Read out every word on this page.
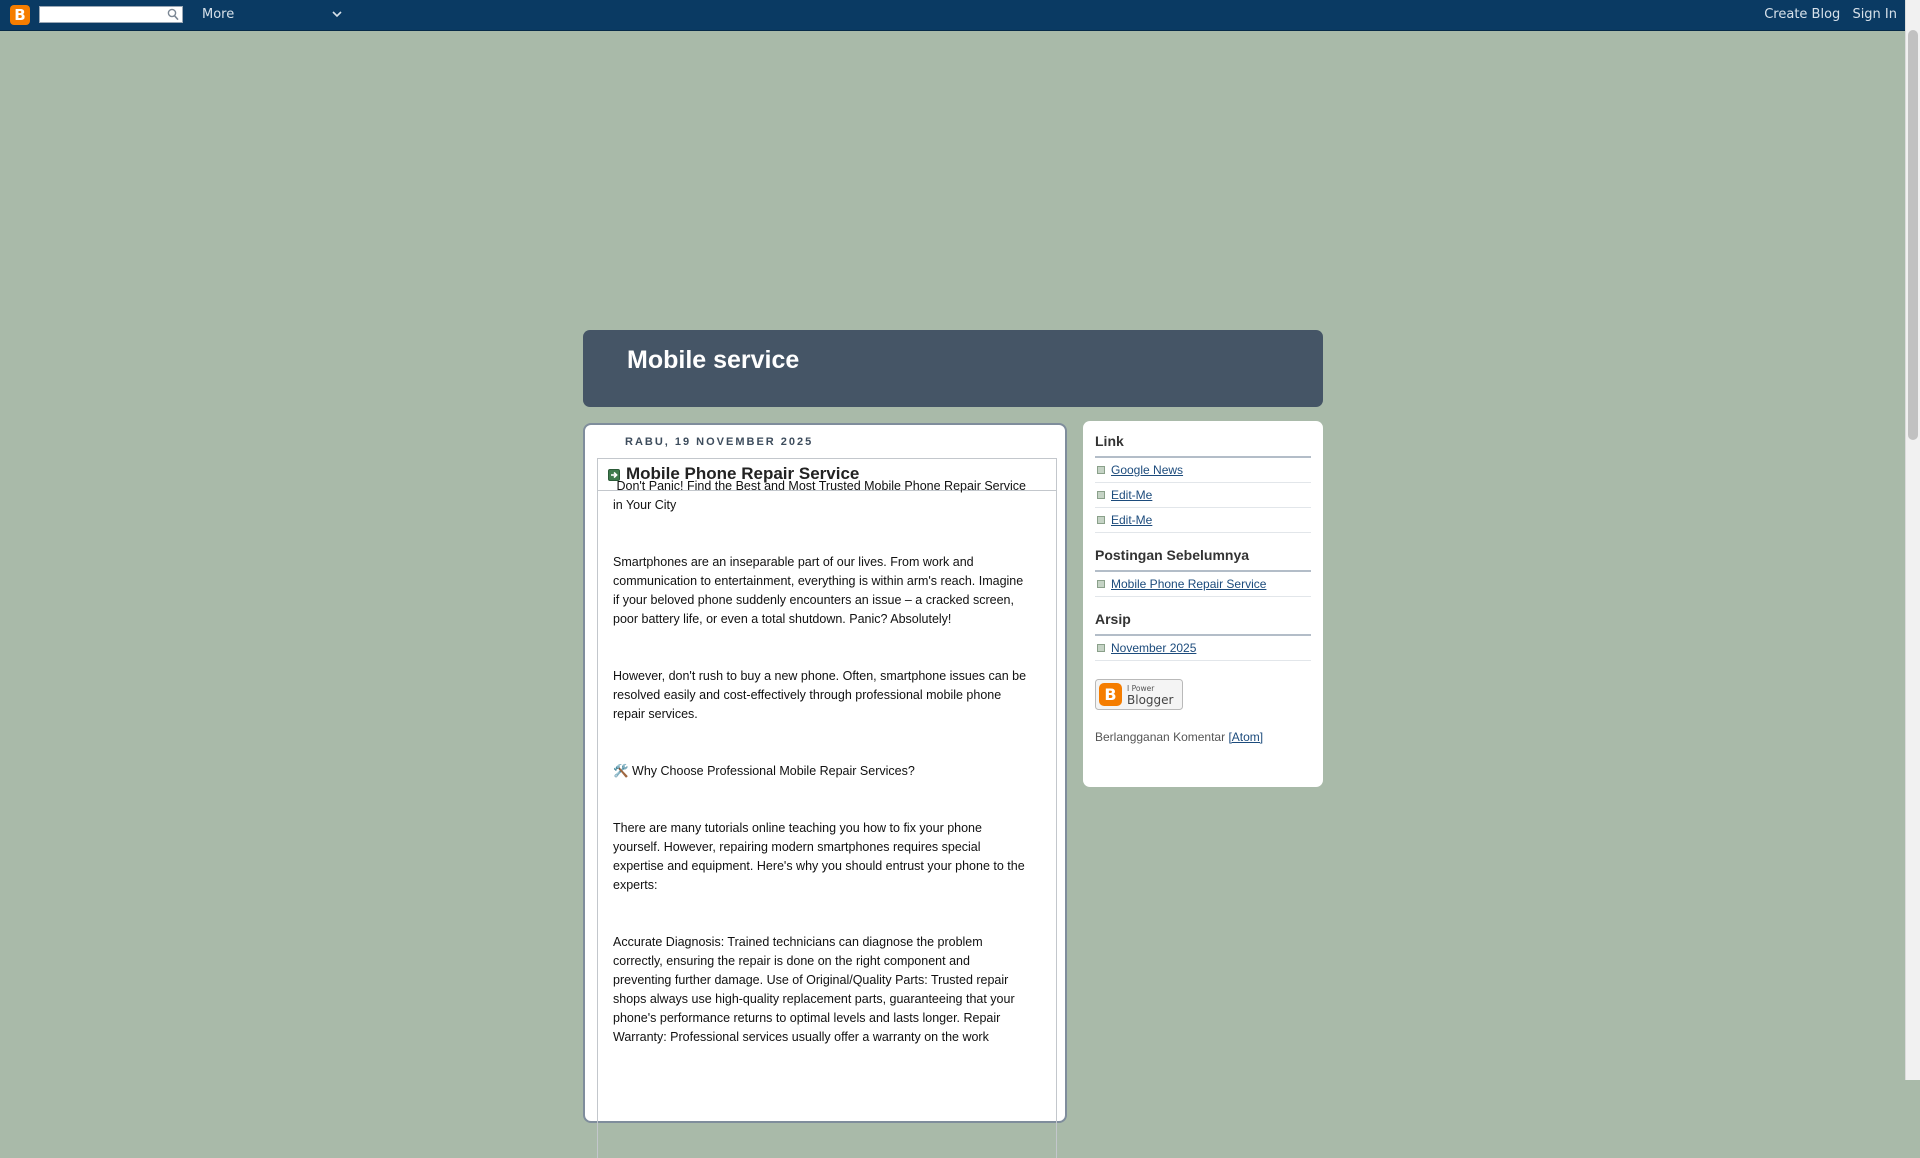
B	More	Create Blog Sign In
Mobile service
RABU, 19 NOVEMBER 2025
Mobile Phone Repair Service

Don't Panic! Find the Best and Most Trusted Mobile Phone Repair Service in Your City

Smartphones are an inseparable part of our lives. From work and communication to entertainment, everything is within arm's reach. Imagine if your beloved phone suddenly encounters an issue – a cracked screen, poor battery life, or even a total shutdown. Panic? Absolutely!

However, don't rush to buy a new phone. Often, smartphone issues can be resolved easily and cost-effectively through professional mobile phone repair services.

🛠️ Why Choose Professional Mobile Repair Services?

There are many tutorials online teaching you how to fix your phone yourself. However, repairing modern smartphones requires special expertise and equipment. Here's why you should entrust your phone to the experts:

Accurate Diagnosis: Trained technicians can diagnose the problem correctly, ensuring the repair is done on the right component and preventing further damage. Use of Original/Quality Parts: Trusted repair shops always use high-quality replacement parts, guaranteeing that your phone's performance returns to optimal levels and lasts longer. Repair Warranty: Professional services usually offer a warranty on the work

Link
Google News
Edit-Me
Edit-Me
Postingan Sebelumnya
Mobile Phone Repair Service
Arsip
November 2025
B I Power
Blogger
Berlangganan Komentar [Atom]
